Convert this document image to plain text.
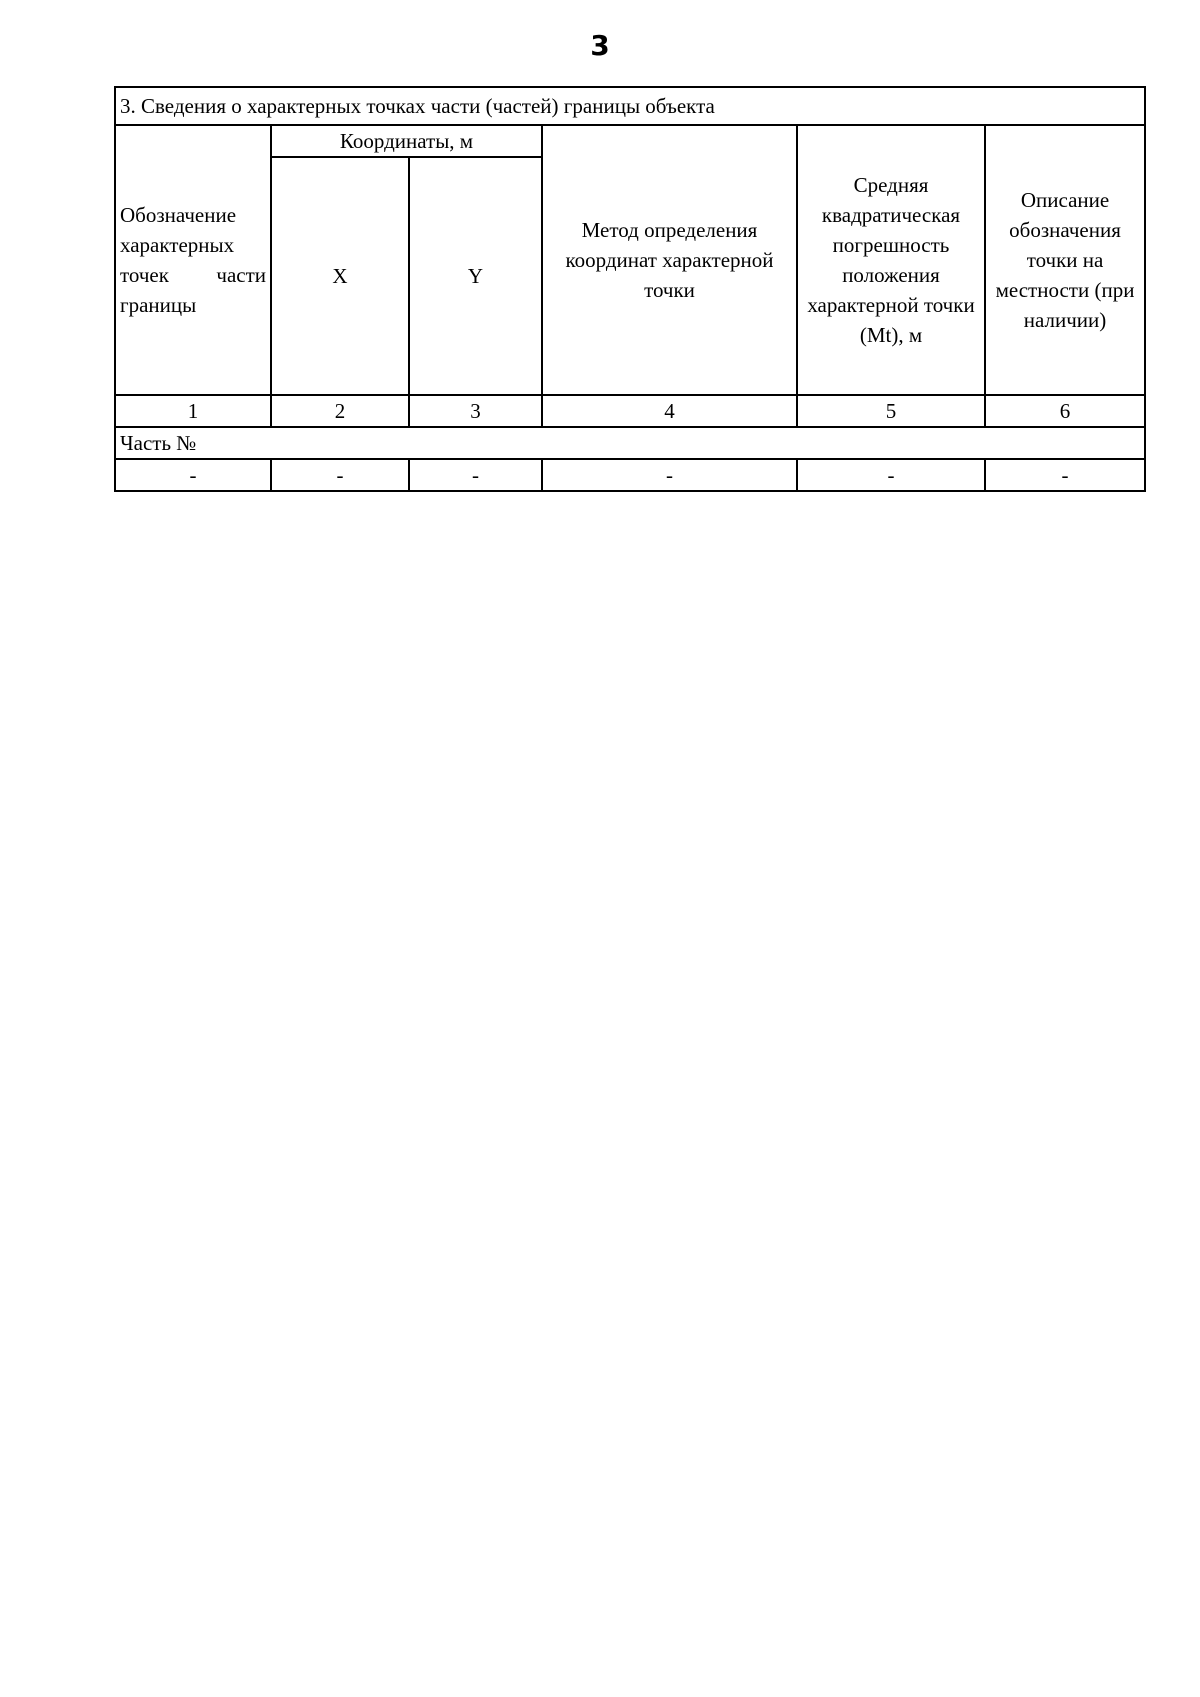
3
3. Сведения о характерных точках части (частей) границы объекта					

Обозначение характерных точек части границы	Координаты, м		Метод определения координат характерной точки	Средняя квадратическая погрешность положения характерной точки (Mt), м	Описание обозначения точки на местности (при наличии)
	X	Y			
1	2	3	4	5	6
Часть №					
-	-	-	-	-	-
